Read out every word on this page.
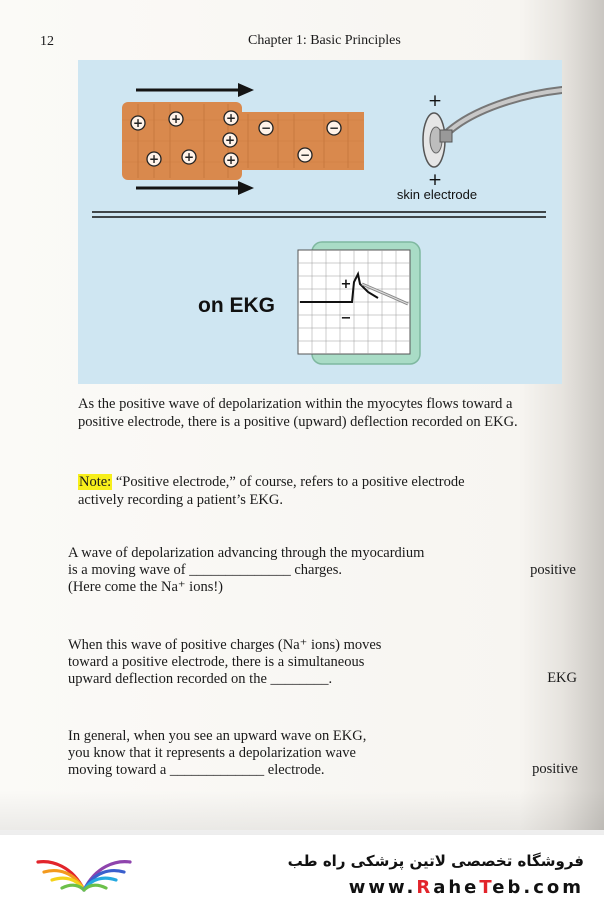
12	Chapter 1: Basic Principles
+ +	+
+
+ +	+
−	−
−
+
+
skin electrode
on EKG
+
−
As the positive wave of depolarization within the myocytes flows toward a positive electrode, there is a positive (upward) deflection recorded on EKG.
Note: “Positive electrode,” of course, refers to a positive electrode actively recording a patient’s EKG.
A wave of depolarization advancing through the myocardium
is a moving wave of ______________ charges.
(Here come the Na⁺ ions!)
positive
When this wave of positive charges (Na⁺ ions) moves
toward a positive electrode, there is a simultaneous
upward deflection recorded on the ________.	EKG
In general, when you see an upward wave on EKG,
you know that it represents a depolarization wave
moving toward a _____________ electrode.	positive
فروشگاه تخصصی لاتین پزشکی راه طب
www.RaheTeb.com
